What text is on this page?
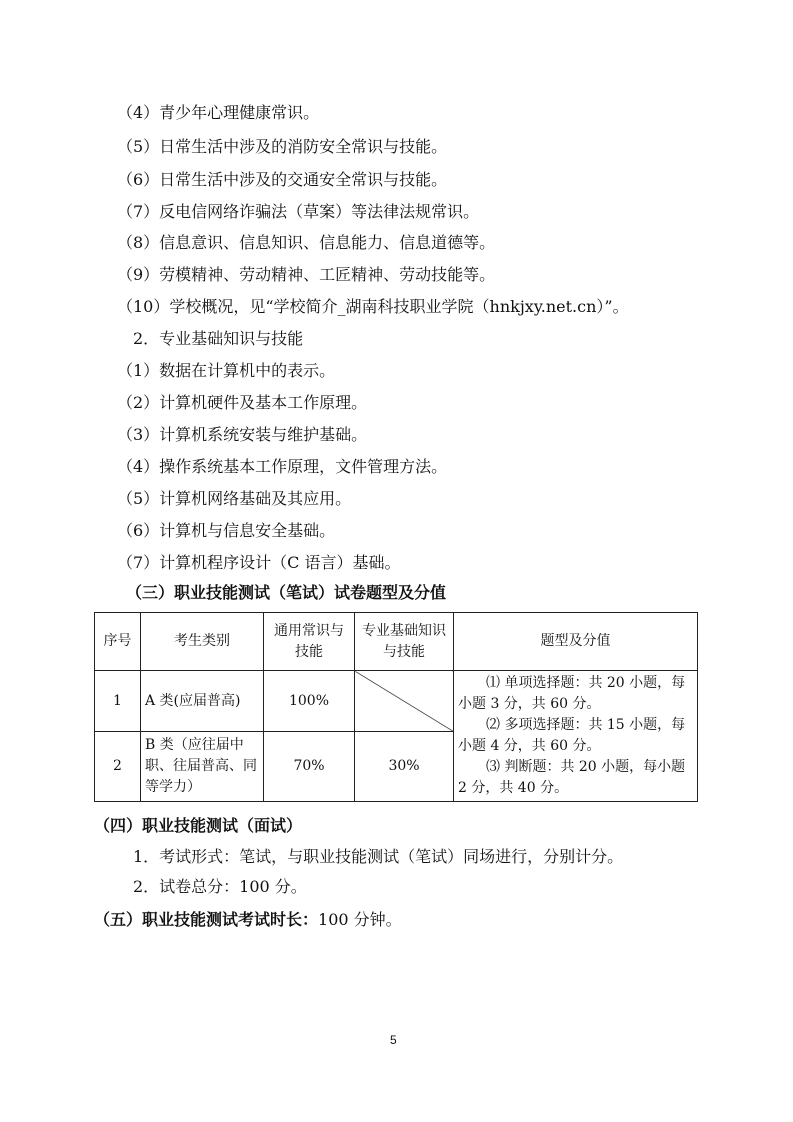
（4）青少年心理健康常识。
（5）日常生活中涉及的消防安全常识与技能。
（6）日常生活中涉及的交通安全常识与技能。
（7）反电信网络诈骗法（草案）等法律法规常识。
（8）信息意识、信息知识、信息能力、信息道德等。
（9）劳模精神、劳动精神、工匠精神、劳动技能等。
（10）学校概况，见“学校简介_湖南科技职业学院（hnkjxy.net.cn）”。
2．专业基础知识与技能
（1）数据在计算机中的表示。
（2）计算机硬件及基本工作原理。
（3）计算机系统安装与维护基础。
（4）操作系统基本工作原理，文件管理方法。
（5）计算机网络基础及其应用。
（6）计算机与信息安全基础。
（7）计算机程序设计（C 语言）基础。
（三）职业技能测试（笔试）试卷题型及分值
序号	考生类别	通用常识与技能	专业基础知识与技能	题型及分值
1	A 类(应届普高)	100%		⑴ 单项选择题：共 20 小题，每小题 3 分，共 60 分。
⑵ 多项选择题：共 15 小题，每小题 4 分，共 60 分。
⑶ 判断题：共 20 小题，每小题 2 分，共 40 分。

2	B 类（应往届中职、往届普高、同等学力）	70%	30%	
（四）职业技能测试（面试）
1．考试形式：笔试，与职业技能测试（笔试）同场进行，分别计分。
2．试卷总分：100 分。
（五）职业技能测试考试时长：100 分钟。
5
